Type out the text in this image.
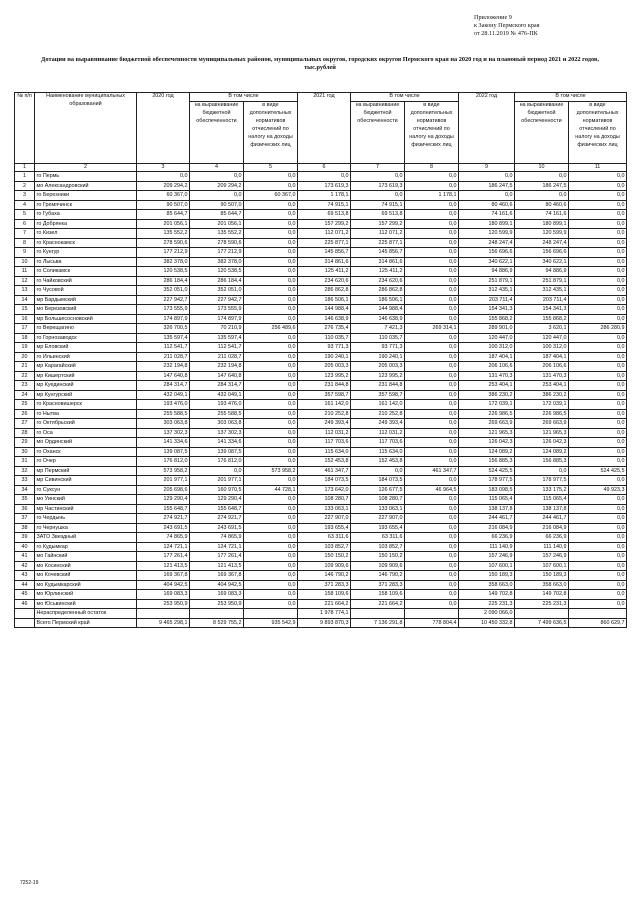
Приложение 9
к Закону Пермского края
от 28.11.2019 № 476-ПК
Дотации на выравнивание бюджетной обеспеченности муниципальных районов, муниципальных округов, городских округов Пермского края на 2020 год и на плановый период 2021 и 2022 годов, тыс.рублей
№ п/п	Наименование муниципальных образований	2020 год	В том числе		2021 год	В том числе		2022 год	В том числе	
			на выравнивание бюджетной обеспеченности	в виде дополнительных нормативов отчислений по налогу на доходы физических лиц		на выравнивание бюджетной обеспеченности	в виде дополнительных нормативов отчислений по налогу на доходы физических лиц		на выравнивание бюджетной обеспеченности	в виде дополнительных нормативов отчислений по налогу на доходы физических лиц
1	2	3	4	5	6	7	8	9	10	11
1	го Пермь	0,0	0,0	0,0	0,0	0,0	0,0	0,0	0,0	0,0
2	мо Александровский	209 294,2	209 294,2	0,0	173 619,3	173 619,3	0,0	186 247,5	186 247,5	0,0
3	го Березники	60 367,0	0,0	60 367,0	1 178,1	0,0	1 178,1	0,0	0,0	0,0
4	го Гремячинск	90 507,0	90 507,0	0,0	74 915,1	74 915,1	0,0	80 460,6	80 460,6	0,0
5	го Губаха	85 644,7	85 644,7	0,0	69 513,8	69 513,8	0,0	74 161,6	74 161,6	0,0
6	го Добрянка	201 056,1	201 056,1	0,0	157 299,2	157 299,2	0,0	180 899,1	180 899,1	0,0
7	го Кизел	135 552,2	135 552,2	0,0	112 071,2	112 071,2	0,0	120 599,9	120 599,9	0,0
8	го Краснокамск	278 590,6	278 590,6	0,0	225 877,1	225 877,1	0,0	248 247,4	248 247,4	0,0
9	го Кунгур	177 212,9	177 212,9	0,0	145 856,7	145 856,7	0,0	156 696,6	156 696,6	0,0
10	го Лысьва	382 378,0	382 378,0	0,0	314 861,6	314 861,6	0,0	340 622,1	340 622,1	0,0
11	го Соликамск	120 538,5	120 538,5	0,0	125 411,2	125 411,2	0,0	94 886,9	94 886,9	0,0
12	го Чайковский	286 184,4	286 184,4	0,0	234 620,6	234 620,6	0,0	251 879,1	251 879,1	0,0
13	го Чусовой	352 051,0	352 051,0	0,0	286 862,8	286 862,8	0,0	312 435,1	312 435,1	0,0
14	мр Бардымский	227 942,7	227 942,7	0,0	186 506,1	186 506,1	0,0	203 711,4	203 711,4	0,0
15	мо Березовский	173 555,9	173 555,9	0,0	144 988,4	144 988,4	0,0	154 341,3	154 341,3	0,0
16	мр Большесосновский	174 897,9	174 897,9	0,0	146 638,9	146 638,9	0,0	155 868,2	155 868,2	0,0
17	го Верещагино	326 700,5	70 210,9	256 489,6	276 735,4	7 421,3	269 314,1	289 901,0	3 620,1	286 280,9
18	го Горнозаводск	135 597,4	135 597,4	0,0	110 035,7	110 035,7	0,0	120 447,0	120 447,0	0,0
19	мр Еловский	112 541,7	112 541,7	0,0	93 771,3	93 771,3	0,0	100 312,0	100 312,0	0,0
20	го Ильинский	211 028,7	211 028,7	0,0	190 240,1	190 240,1	0,0	187 404,1	187 404,1	0,0
21	мр Карагайский	232 194,8	232 194,8	0,0	205 003,3	205 003,3	0,0	206 106,6	206 106,6	0,0
22	мр Кишертский	147 640,8	147 640,8	0,0	123 995,2	123 995,2	0,0	131 470,3	131 470,3	0,0
23	мр Куединский	284 314,7	284 314,7	0,0	231 844,8	231 844,8	0,0	253 404,1	253 404,1	0,0
24	мр Кунгурский	432 049,1	432 049,1	0,0	357 598,7	357 598,7	0,0	386 230,2	386 230,2	0,0
25	го Красновишерск	193 476,0	193 476,0	0,0	161 142,0	161 142,0	0,0	172 039,1	172 039,1	0,0
26	го Нытва	255 588,5	255 588,5	0,0	210 252,8	210 252,8	0,0	226 986,5	226 986,5	0,0
27	го Октябрьский	303 063,8	303 063,8	0,0	249 393,4	249 393,4	0,0	269 663,9	269 663,9	0,0
28	го Оса	137 302,3	137 302,3	0,0	112 031,2	112 031,2	0,0	121 965,3	121 965,3	0,0
29	мо Ординский	141 334,6	141 334,6	0,0	117 703,6	117 703,6	0,0	126 042,3	126 042,3	0,0
30	го Оханск	139 087,5	139 087,5	0,0	115 634,0	115 634,0	0,0	124 089,2	124 089,2	0,0
31	го Очер	176 812,0	176 812,0	0,0	152 453,8	152 453,8	0,0	156 885,3	156 885,3	0,0
32	мр Пермский	573 958,2	0,0	573 958,2	461 347,7	0,0	461 347,7	524 425,5	0,0	524 425,5
33	мр Сивинский	201 977,1	201 977,1	0,0	184 073,5	184 073,5	0,0	178 977,5	178 977,5	0,0
34	го Суксун	205 698,6	160 970,5	44 728,1	173 642,0	126 677,5	46 964,5	183 098,5	133 175,2	49 923,3
35	мо Уинский	129 290,4	129 290,4	0,0	108 280,7	108 280,7	0,0	115 065,4	115 065,4	0,0
36	мр Частинский	155 648,7	155 648,7	0,0	133 063,1	133 063,1	0,0	138 137,8	138 137,8	0,0
37	го Чердынь	274 921,7	274 921,7	0,0	227 907,0	227 907,0	0,0	244 461,7	244 461,7	0,0
38	го Чернушка	243 691,5	243 691,5	0,0	193 655,4	193 655,4	0,0	216 084,9	216 084,9	0,0
39	ЗАТО Звездный	74 865,9	74 865,9	0,0	63 311,6	63 311,6	0,0	66 236,9	66 236,9	0,0
40	го Кудымкар	124 721,1	124 721,1	0,0	103 852,7	103 852,7	0,0	111 140,9	111 140,9	0,0
41	мо Гайнский	177 261,4	177 261,4	0,0	150 150,2	150 150,2	0,0	157 246,9	157 246,9	0,0
42	мо Косинский	121 413,5	121 413,5	0,0	109 909,6	109 909,6	0,0	107 600,1	107 600,1	0,0
43	мо Кочевский	169 367,8	169 367,8	0,0	146 790,2	146 790,2	0,0	150 189,3	150 189,3	0,0
44	мо Кудымкарский	404 942,5	404 942,5	0,0	371 283,3	371 283,3	0,0	358 663,0	358 663,0	0,0
45	мо Юрлинский	169 083,3	169 083,3	0,0	158 109,6	158 109,6	0,0	149 702,8	149 702,8	0,0
46	мо Юсьвинский	253 950,9	253 950,9	0,0	221 664,2	221 664,2	0,0	225 231,3	225 231,3	0,0
	Нераспределенный остаток				1 978 774,1			2 090 066,0		
	Всего Пермский край	9 465 298,1	8 529 755,2	935 542,9	9 893 870,3	7 136 291,8	778 804,4	10 450 332,8	7 499 636,5	860 629,7
7252-19
